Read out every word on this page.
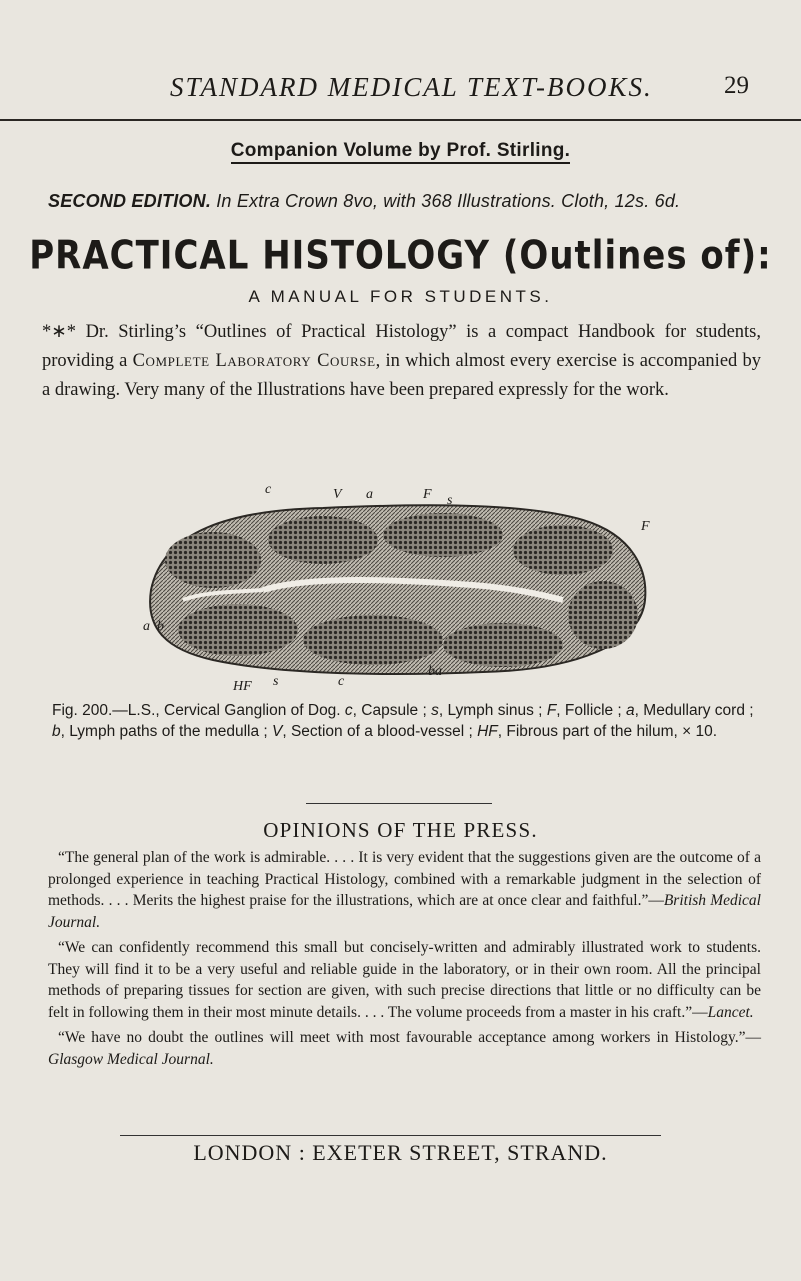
STANDARD MEDICAL TEXT-BOOKS.	29
Companion Volume by Prof. Stirling.
SECOND EDITION. In Extra Crown 8vo, with 368 Illustrations. Cloth, 12s. 6d.
PRACTICAL HISTOLOGY (Outlines of):
A MANUAL FOR STUDENTS.
*∗* Dr. Stirling’s “Outlines of Practical Histology” is a compact Handbook for students, providing a Complete Laboratory Course, in which almost every exercise is accompanied by a drawing. Very many of the Illustrations have been prepared expressly for the work.
c	V a	F s
F
a b
HF s	c
ba
Fig. 200.—L.S., Cervical Ganglion of Dog. c, Capsule ; s, Lymph sinus ; F, Follicle ; a, Medullary cord ; b, Lymph paths of the medulla ; V, Section of a blood-vessel ; HF, Fibrous part of the hilum, × 10.
OPINIONS OF THE PRESS.

“The general plan of the work is admirable. . . . It is very evident that the suggestions given are the outcome of a prolonged experience in teaching Practical Histology, combined with a remarkable judgment in the selection of methods. . . . Merits the highest praise for the illustrations, which are at once clear and faithful.”—British Medical Journal.

“We can confidently recommend this small but concisely-written and admirably illustrated work to students. They will find it to be a very useful and reliable guide in the laboratory, or in their own room. All the principal methods of preparing tissues for section are given, with such precise directions that little or no difficulty can be felt in following them in their most minute details. . . . The volume proceeds from a master in his craft.”—Lancet.

“We have no doubt the outlines will meet with most favourable acceptance among workers in Histology.”—Glasgow Medical Journal.

LONDON : EXETER STREET, STRAND.
